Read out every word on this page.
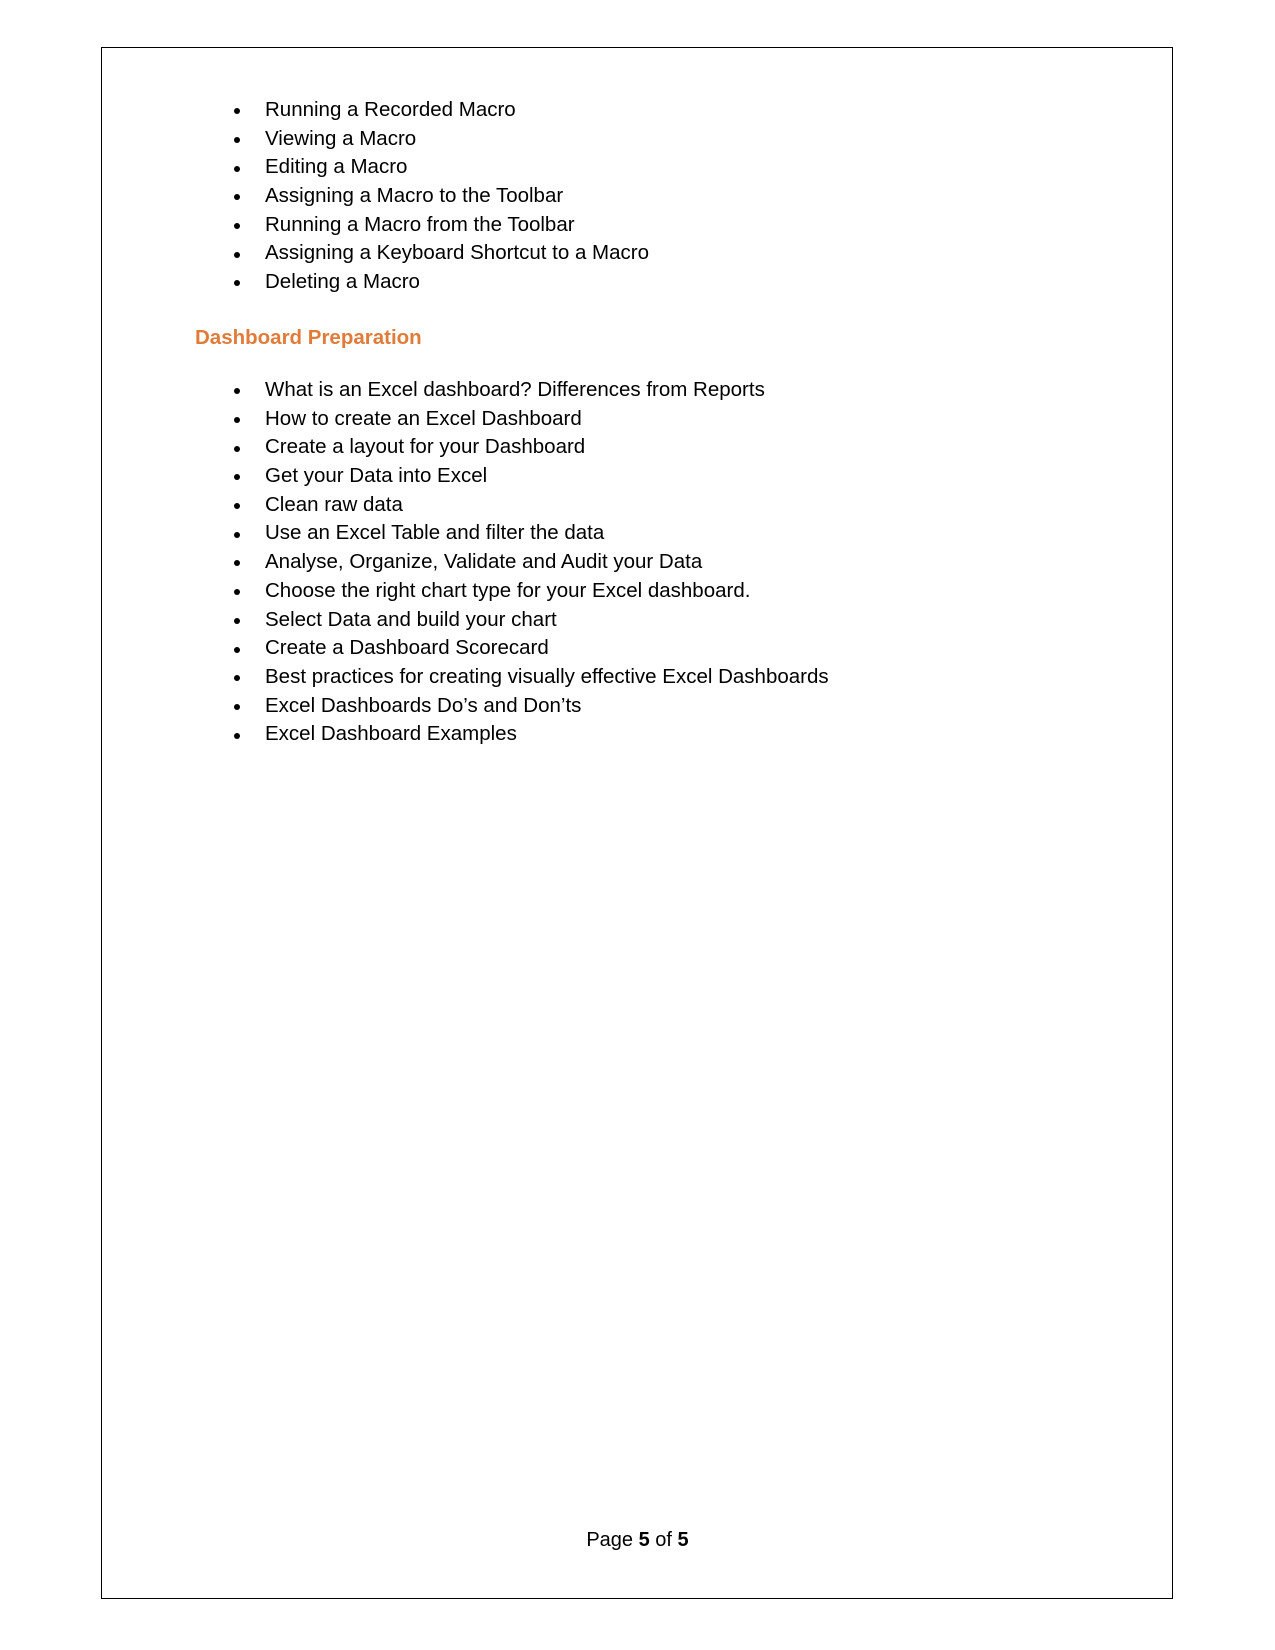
Running a Recorded Macro
Viewing a Macro
Editing a Macro
Assigning a Macro to the Toolbar
Running a Macro from the Toolbar
Assigning a Keyboard Shortcut to a Macro
Deleting a Macro
Dashboard Preparation
What is an Excel dashboard? Differences from Reports
How to create an Excel Dashboard
Create a layout for your Dashboard
Get your Data into Excel
Clean raw data
Use an Excel Table and filter the data
Analyse, Organize, Validate and Audit your Data
Choose the right chart type for your Excel dashboard.
Select Data and build your chart
Create a Dashboard Scorecard
Best practices for creating visually effective Excel Dashboards
Excel Dashboards Do’s and Don’ts
Excel Dashboard Examples
Page 5 of 5
